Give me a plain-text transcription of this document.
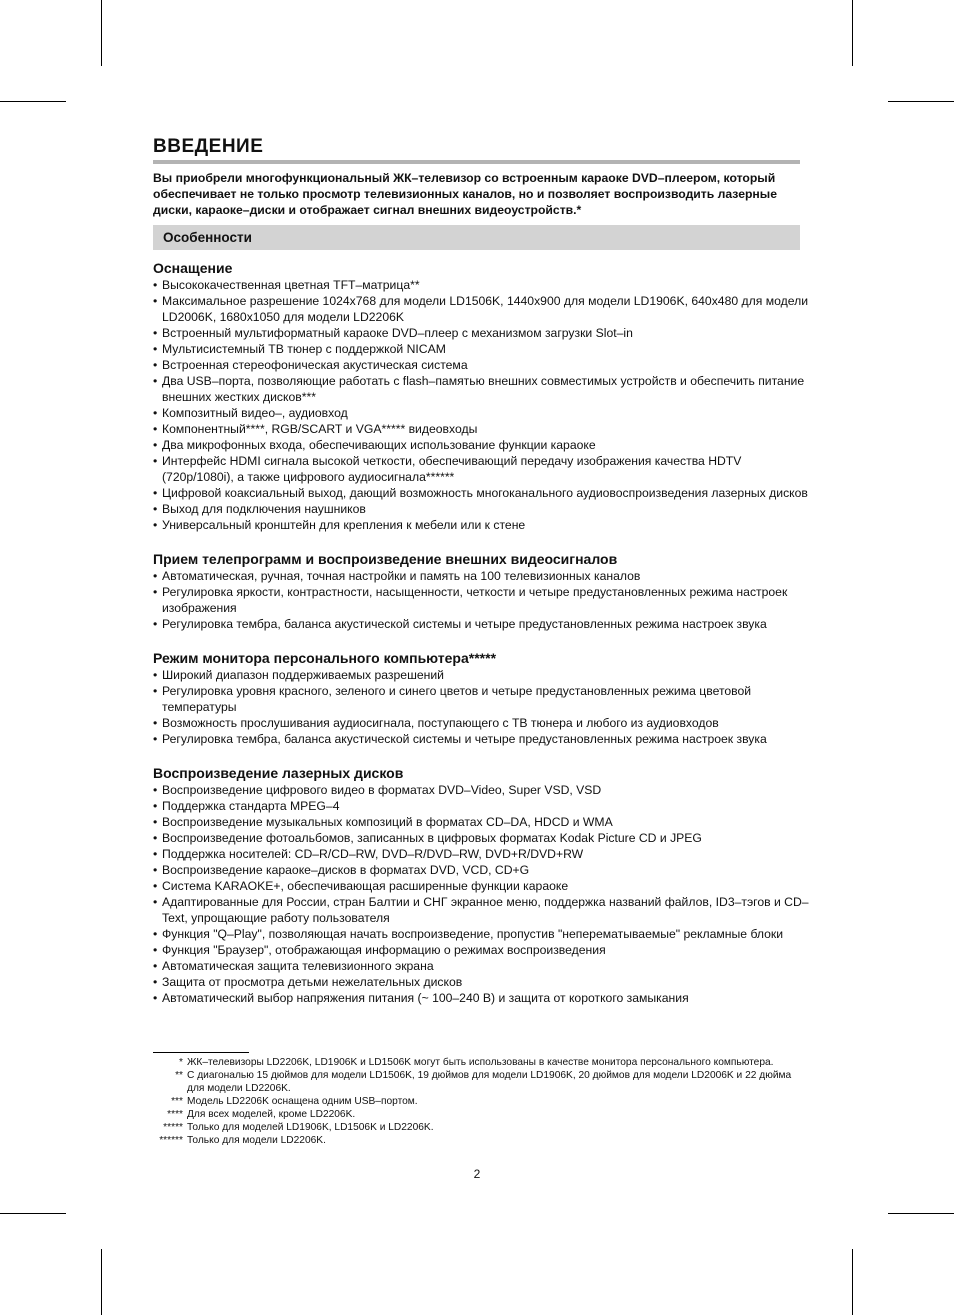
ВВЕДЕНИЕ

Вы приобрели многофункциональный ЖК–телевизор со встроенным караоке DVD–плеером, который обеспечивает не только просмотр телевизионных каналов, но и позволяет воспроизводить лазерные диски, караоке–диски и отображает сигнал внешних видеоустройств.*

Особенности
Оснащение
• Высококачественная цветная TFT–матрица**
• Максимальное разрешение 1024x768 для модели LD1506K, 1440x900 для модели LD1906K, 640x480 для модели LD2006K, 1680x1050 для модели LD2206K
• Встроенный мультиформатный караоке DVD–плеер с механизмом загрузки Slot–in
• Мультисистемный ТВ тюнер с поддержкой NICAM
• Встроенная стереофоническая акустическая система
• Два USB–порта, позволяющие работать с flash–памятью внешних совместимых устройств и обеспечить питание внешних жестких дисков***
• Композитный видео–, аудиовход
• Компонентный****, RGB/SCART и VGA***** видеовходы
• Два микрофонных входа, обеспечивающих использование функции караоке
• Интерфейс HDMI сигнала высокой четкости, обеспечивающий передачу изображения качества HDTV (720p/1080i), а также цифрового аудиосигнала******
• Цифровой коаксиальный выход, дающий возможность многоканального аудиовоспроизведения лазерных дисков
• Выход для подключения наушников
• Универсальный кронштейн для крепления к мебели или к стене
Прием телепрограмм и воспроизведение внешних видеосигналов
• Автоматическая, ручная, точная настройки и память на 100 телевизионных каналов
• Регулировка яркости, контрастности, насыщенности, четкости и четыре предустановленных режима настроек изображения
• Регулировка тембра, баланса акустической системы и четыре предустановленных режима настроек звука
Режим монитора персонального компьютера*****
• Широкий диапазон поддерживаемых разрешений
• Регулировка уровня красного, зеленого и синего цветов и четыре предустановленных режима цветовой температуры
• Возможность прослушивания аудиосигнала, поступающего с ТВ тюнера и любого из аудиовходов
• Регулировка тембра, баланса акустической системы и четыре предустановленных режима настроек звука
Воспроизведение лазерных дисков
• Воспроизведение цифрового видео в форматах DVD–Video, Super VSD, VSD
• Поддержка стандарта MPEG–4
• Воспроизведение музыкальных композиций в форматах CD–DA, HDCD и WMA
• Воспроизведение фотоальбомов, записанных в цифровых форматах Kodak Picture CD и JPEG
• Поддержка носителей: CD–R/CD–RW, DVD–R/DVD–RW, DVD+R/DVD+RW
• Воспроизведение караоке–дисков в форматах DVD, VCD, CD+G
• Система KARAOKE+, обеспечивающая расширенные функции караоке
• Адаптированные для России, стран Балтии и СНГ экранное меню, поддержка названий файлов, ID3–тэгов и CD–Text, упрощающие работу пользователя
• Функция "Q–Play", позволяющая начать воспроизведение, пропустив "неперематываемые" рекламные блоки
• Функция "Браузер", отображающая информацию о режимах воспроизведения
• Автоматическая защита телевизионного экрана
• Защита от просмотра детьми нежелательных дисков
• Автоматический выбор напряжения питания (~ 100–240 В) и защита от короткого замыкания
* ЖК–телевизоры LD2206K, LD1906K и LD1506K могут быть использованы в качестве монитора персонального компьютера.
** С диагональю 15 дюймов для модели LD1506K, 19 дюймов для модели LD1906K, 20 дюймов для модели LD2006K и 22 дюйма для модели LD2206K.
*** Модель LD2206K оснащена одним USB–портом.
**** Для всех моделей, кроме LD2206K.
***** Только для моделей LD1906K, LD1506K и LD2206K.
****** Только для модели LD2206K.
2
